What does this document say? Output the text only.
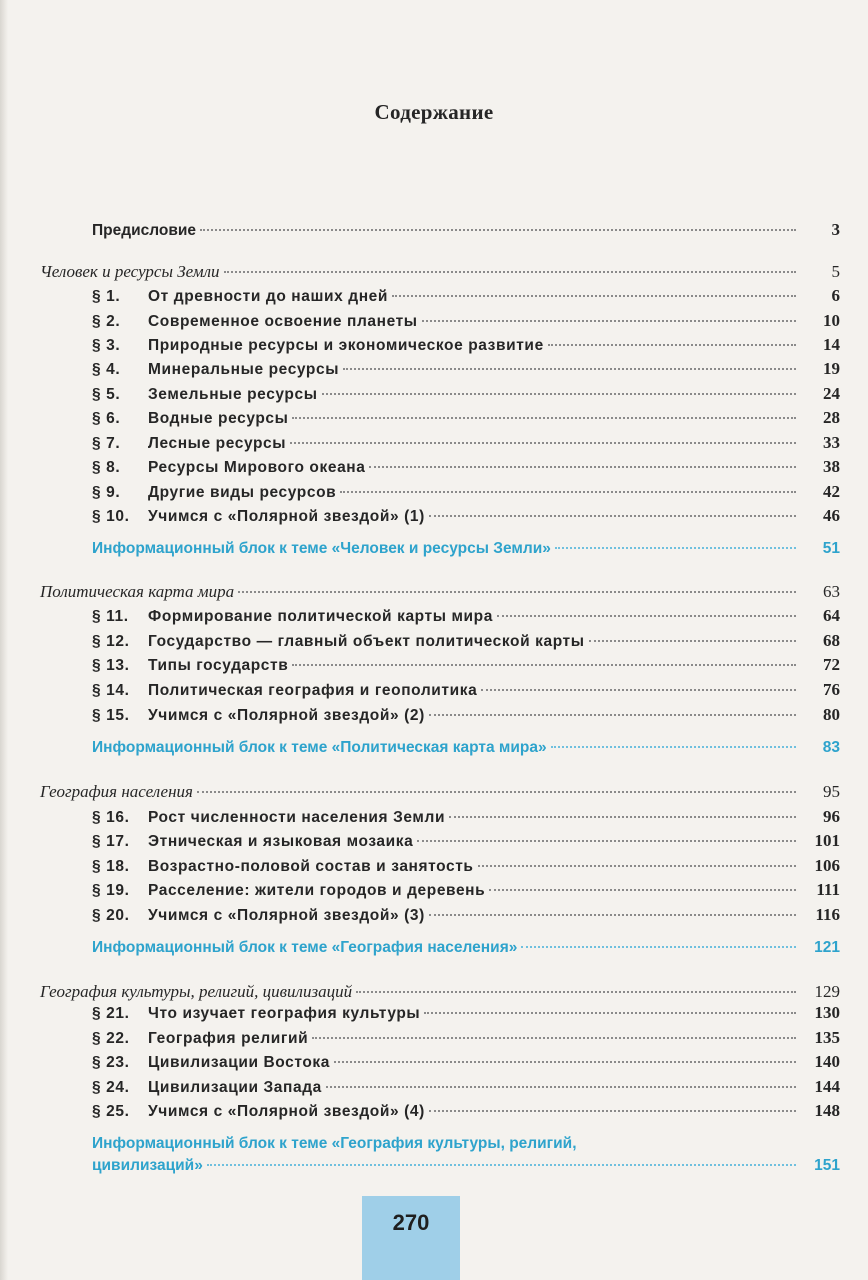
Содержание
Предисловие	3
Человек и ресурсы Земли	5
§ 1. От древности до наших дней	6
§ 2. Современное освоение планеты	10
§ 3. Природные ресурсы и экономическое развитие	14
§ 4. Минеральные ресурсы	19
§ 5. Земельные ресурсы	24
§ 6. Водные ресурсы	28
§ 7. Лесные ресурсы	33
§ 8. Ресурсы Мирового океана	38
§ 9. Другие виды ресурсов	42
§ 10. Учимся с «Полярной звездой» (1)	46
Информационный блок к теме «Человек и ресурсы Земли»	51
Политическая карта мира	63
§ 11. Формирование политической карты мира	64
§ 12. Государство — главный объект политической карты	68
§ 13. Типы государств	72
§ 14. Политическая география и геополитика	76
§ 15. Учимся с «Полярной звездой» (2)	80
Информационный блок к теме «Политическая карта мира»	83
География населения	95
§ 16. Рост численности населения Земли	96
§ 17. Этническая и языковая мозаика	101
§ 18. Возрастно-половой состав и занятость	106
§ 19. Расселение: жители городов и деревень	111
§ 20. Учимся с «Полярной звездой» (3)	116
Информационный блок к теме «География населения»	121
География культуры, религий, цивилизаций	129
§ 21. Что изучает география культуры	130
§ 22. География религий	135
§ 23. Цивилизации Востока	140
§ 24. Цивилизации Запада	144
§ 25. Учимся с «Полярной звездой» (4)	148
Информационный блок к теме «География культуры, религий,
цивилизаций»	151
270
